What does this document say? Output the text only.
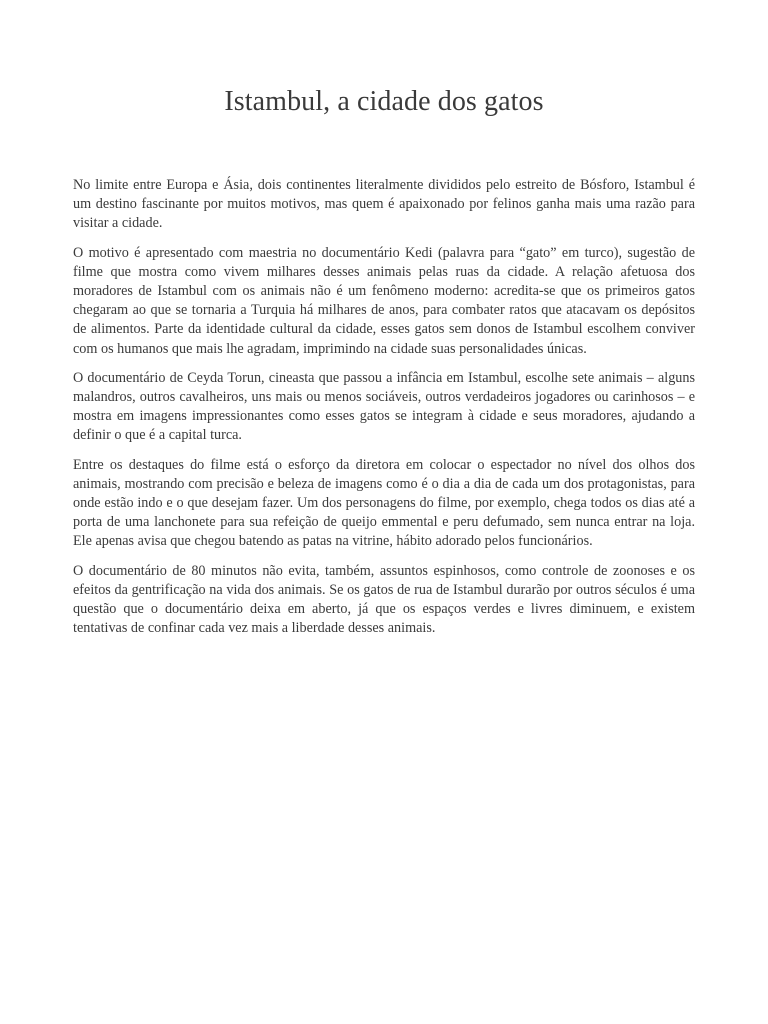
Istambul, a cidade dos gatos

No limite entre Europa e Ásia, dois continentes literalmente divididos pelo estreito de Bósforo, Istambul é um destino fascinante por muitos motivos, mas quem é apaixonado por felinos ganha mais uma razão para visitar a cidade.

O motivo é apresentado com maestria no documentário Kedi (palavra para “gato” em turco), sugestão de filme que mostra como vivem milhares desses animais pelas ruas da cidade. A relação afetuosa dos moradores de Istambul com os animais não é um fenômeno moderno: acredita-se que os primeiros gatos chegaram ao que se tornaria a Turquia há milhares de anos, para combater ratos que atacavam os depósitos de alimentos. Parte da identidade cultural da cidade, esses gatos sem donos de Istambul escolhem conviver com os humanos que mais lhe agradam, imprimindo na cidade suas personalidades únicas.

O documentário de Ceyda Torun, cineasta que passou a infância em Istambul, escolhe sete animais – alguns malandros, outros cavalheiros, uns mais ou menos sociáveis, outros verdadeiros jogadores ou carinhosos – e mostra em imagens impressionantes como esses gatos se integram à cidade e seus moradores, ajudando a definir o que é a capital turca.

Entre os destaques do filme está o esforço da diretora em colocar o espectador no nível dos olhos dos animais, mostrando com precisão e beleza de imagens como é o dia a dia de cada um dos protagonistas, para onde estão indo e o que desejam fazer. Um dos personagens do filme, por exemplo, chega todos os dias até a porta de uma lanchonete para sua refeição de queijo emmental e peru defumado, sem nunca entrar na loja. Ele apenas avisa que chegou batendo as patas na vitrine, hábito adorado pelos funcionários.

O documentário de 80 minutos não evita, também, assuntos espinhosos, como controle de zoonoses e os efeitos da gentrificação na vida dos animais. Se os gatos de rua de Istambul durarão por outros séculos é uma questão que o documentário deixa em aberto, já que os espaços verdes e livres diminuem, e existem tentativas de confinar cada vez mais a liberdade desses animais.
